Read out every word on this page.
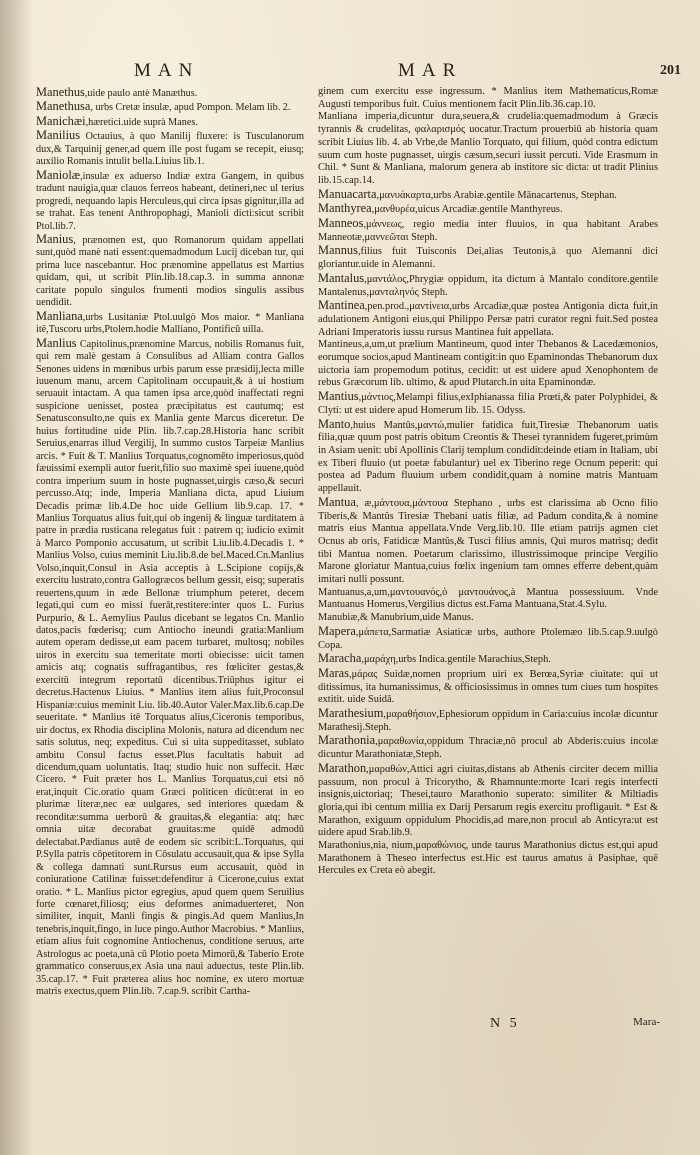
MAN	MAR	201

Manethus,uide paulo antè Manæthus.

Manethusa, urbs Cretæ insulæ, apud Pompon. Melam lib. 2.

Manichæi,hæretici.uide suprà Manes.

Manilius Octauius, à quo Manilij fluxere: is Tusculanorum dux,& Tarquinij gener,ad quem ille post fugam se recepit, eiusq; auxilio Romanis intulit bella.Liuius lib.1.

Maniolæ,insulæ ex aduerso Indiæ extra Gangem, in quibus tradunt nauigia,quæ clauos ferreos habeant, detineri,nec ul terius progredi, nequando lapis Herculeus,qui circa ipsas gignitur,illa ad se trahat. Eas tenent Anthropophagi, Manioli dicti:sicut scribit Ptol.lib.7.

Manius, prænomen est, quo Romanorum quidam appellati sunt,quòd manè nati essent:quemadmodum Lucij diceban tur, qui prima luce nascebantur. Hoc prænomine appellatus est Martius quidam, qui, ut scribit Plin.lib.18.cap.3. in summa annonæ caritate populo singulos frumenti modios singulis assibus uendidit.

Manliana,urbs Lusitaniæ Ptol.uulgò Mos maior. * Manliana itē,Tuscoru urbs,Ptolem.hodie Malliano, Pontificū uilla.

Manlius Capitolinus,prænomine Marcus, nobilis Romanus fuit, qui rem malè gestam à Consulibus ad Alliam contra Gallos Senones uidens in mœnibus urbis parum esse præsidij,lecta mille iuuenum manu, arcem Capitolinam occupauit,& à ui hostium seruauit intactam. A qua tamen ipsa arce,quòd inaffectati regni suspicione uenisset, postea præcipitatus est cautumq; est Senatusconsulto,ne quis ex Manlia gente Marcus diceretur. De huius fortitudine uide Plin. lib.7.cap.28.Historia hanc scribit Seruius,enarras illud Vergilij, In summo custos Tarpeiæ Manlius arcis. * Fuit & T. Manlius Torquatus,cognomēto imperiosus,quòd fæuissimi exempli autor fuerit,filio suo maximè spei iuuene,quòd contra imperium suum in hoste pugnasset,uirgis cæso,& securi percusso.Atq; inde, Imperia Manliana dicta, apud Liuium Decadis primæ lib.4.De hoc uide Gellium lib.9.cap. 17. * Manlius Torquatus alius fuit,qui ob ingenij & linguæ tarditatem à patre in prædia rusticana relegatus fuit : patrem q; iudicio eximit à Marco Pomponio accusatum, ut scribit Liu.lib.4.Decadis 1. * Manlius Volso, cuius meminit Liu.lib.8.de bel.Maced.Cn.Manlius Volso,inquit,Consul in Asia acceptis à L.Scipione copijs,& exercitu lustrato,contra Gallogræcos bellum gessit, eisq; superatis reuertens,quum in æde Bellonæ triumphum peteret, decem legati,qui cum eo missi fuerāt,restitere:inter quos L. Furius Purpurio, & L. Aemylius Paulus dicebant se legatos Cn. Manlio datos,pacis fœderisq; cum Antiocho ineundi gratia:Manlium autem operam dedisse,ut eam pacem turbaret, multosq; nobiles uiros in exercitu sua temeritate morti obiecisse: uicit tamen amicis atq; cognatis suffragantibus, res fœliciter gestas,& exercitū integrum reportatū dicentibus.Triūphus igitur ei decretus.Hactenus Liuius. * Manlius item alius fuit,Proconsul Hispaniæ:cuius meminit Liu. lib.40.Autor Valer.Max.lib.6.cap.De seueritate. * Manlius itē Torquatus alius,Ciceronis temporibus, uir doctus, ex Rhodia disciplina Molonis, natura ad dicendum nec satis solutus, neq; expeditus. Cui si uita suppeditasset, sublato ambitu Consul factus esset.Plus facultatis habuit ad dicendum,quam uoluntatis. Itaq; studio huic non suffecit. Hæc Cicero. * Fuit præter hos L. Manlius Torquatus,cui etsi nō erat,inquit Cic.oratio quam Græci politicen dicūt:erat in eo plurimæ literæ,nec eæ uulgares, sed interiores quædam & reconditæ:summa uerborū & grauitas,& elegantia: atq; hæc omnia uitæ decorabat grauitas:me quidē admodū delectabat.Pædianus autē de eodem sic scribit:L.Torquatus, qui P.Sylla patris cōpetitorem in Cōsulatu accusauit,qua & ipse Sylla & collega damnati sunt.Rursus eum accusauit, quòd in coniuratione Catilinæ fuisset:defenditur à Cicerone,cuius extat oratio. * L. Manlius pictor egregius, apud quem quem Seruilius forte cœnaret,filiosq; eius deformes animaduerteret, Non similiter, inquit, Manli fingis & pingis.Ad quem Manlius,In tenebris,inquit,fingo, in luce pingo.Author Macrobius. * Manlius, etiam alius fuit cognomine Antiochenus, conditione seruus, arte Astrologus ac poeta,unà cū Plotio poeta Mimorū,& Taberio Erote grammatico conseruus,ex Asia una naui aduectus, teste Plin.lib. 35.cap.17. * Fuit præterea alius hoc nomine, ex utero mortuæ matris exectus,quem Plin.lib. 7.cap.9. scribit Cartha-

ginem cum exercitu esse ingressum. * Manlius item Mathematicus,Romæ Augusti temporibus fuit. Cuius mentionem facit Plin.lib.36.cap.10.

Manliana imperia,dicuntur dura,seuera,& crudelia:quemadmodum à Græcis tyrannis & crudelitas, φαλαρισμός uocatur.Tractum prouerbiū ab historia quam scribit Liuius lib. 4. ab Vrbe,de Manlio Torquato, qui filium, quòd contra edictum suum cum hoste pugnasset, uirgis cæsum,securi iussit percuti. Vide Erasmum in Chil. * Sunt & Manliana, malorum genera ab institore sic dicta: ut tradit Plinius lib.15.cap.14.

Manuacarta,μανυάκαρτα,urbs Arabiæ.gentile Mānacartenus, Stephan.

Manthyrea,μανθυρέα,uicus Arcadiæ.gentile Manthyreus.

Manneos,μάννεως, regio media inter fluuios, in qua habitant Arabes Manneotæ,μαννεῶται Steph.

Mannus,filius fuit Tuisconis Dei,alias Teutonis,à quo Alemanni dici gloriantur.uide in Alemanni.

Mantalus,μαντάλος,Phrygiæ oppidum, ita dictum à Mantalo conditore.gentile Mantalenus,μανταληνός Steph.

Mantinea,pen.prod.,μαντίνεια,urbs Arcadiæ,quæ postea Antigonia dicta fuit,in adulationem Antigoni eius,qui Philippo Persæ patri curator regni fuit.Sed postea Adriani Imperatoris iussu rursus Mantinea fuit appellata.

Mantineus,a,um,ut prælium Mantineum, quod inter Thebanos & Lacedæmonios, eorumque socios,apud Mantineam contigit:in quo Epaminondas Thebanorum dux uictoria iam propemodum potitus, cecidit: ut est uidere apud Xenophontem de rebus Græcorum lib. ultimo, & apud Plutarch.in uita Epaminondæ.

Mantius,μάντιος,Melampi filius,exIphianassa filia Prœti,& pater Polyphidei, & Clyti: ut est uidere apud Homerum lib. 15. Odyss.

Manto,huius Mantûs,μαντώ,mulier fatidica fuit,Tiresiæ Thebanorum uatis filia,quæ quum post patris obitum Creontis & Thesei tyrannidem fugeret,primùm in Asiam uenit: ubi Apollinis Clarij templum condidit:deinde etiam in Italiam, ubi ex Tiberi fluuio (ut poetæ fabulantur) uel ex Tiberino rege Ocnum peperit: qui postea ad Padum fluuium urbem condidit,quam à nomine matris Mantuam appellauit.

Mantua, æ,μάντουα,μάντουα Stephano , urbs est clarissima ab Ocno filio Tiberis,& Mantûs Tiresiæ Thebani uatis filiæ, ad Padum condita,& à nomine matris eius Mantua appellata.Vnde Verg.lib.10. Ille etiam patrijs agmen ciet Ocnus ab oris, Fatidicæ Mantûs,& Tusci filius amnis, Qui muros matrisq; dedit tibi Mantua nomen. Poetarum clarissimo, illustrissimoque principe Vergilio Marone gloriatur Mantua,cuius fœlix ingenium tam omnes efferre debent,quàm imitari nulli possunt.

Mantuanus,a,um,μαντουανός,ὁ μαντουάνος,à Mantua possessiuum. Vnde Mantuanus Homerus,Vergilius dictus est.Fama Mantuana,Stat.4.Sylu.

Manubiæ,& Manubrium,uide Manus.

Mapera,μάπετα,Sarmatiæ Asiaticæ urbs, authore Ptolemæo lib.5.cap.9.uulgò Copa.

Maracha,μαράχη,urbs Indica.gentile Marachius,Steph.

Maras,μάρας Suidæ,nomen proprium uiri ex Berœa,Syriæ ciuitate: qui ut ditissimus, ita humanissimus, & officiosissimus in omnes tum ciues tum hospites extitit. uide Suidā.

Marathesium,μαραθήσιον,Ephesiorum oppidum in Caria:cuius incolæ dicuntur Marathesij.Steph.

Marathonia,μαραθωνία,oppidum Thraciæ,nō procul ab Abderis:cuius incolæ dicuntur Marathoniatæ,Steph.

Marathon,μαραθών,Attici agri ciuitas,distans ab Athenis circiter decem millia passuum, non procul à Tricorytho, & Rhamnunte:morte Icari regis interfecti insignis,uictoriaq; Thesei,tauro Marathonio superato: similiter & Miltiadis gloria,qui ibi centum millia ex Darij Persarum regis exercitu profligauit. * Est & Marathon, exiguum oppidulum Phocidis,ad mare,non procul ab Anticyra:ut est uidere apud Srab.lib.9.

Marathonius,nia, nium,μαραθώνιος, unde taurus Marathonius dictus est,qui apud Marathonem à Theseo interfectus est.Hic est taurus amatus à Pasiphae, quē Hercules ex Creta eò abegit.

N 5	Mara-
